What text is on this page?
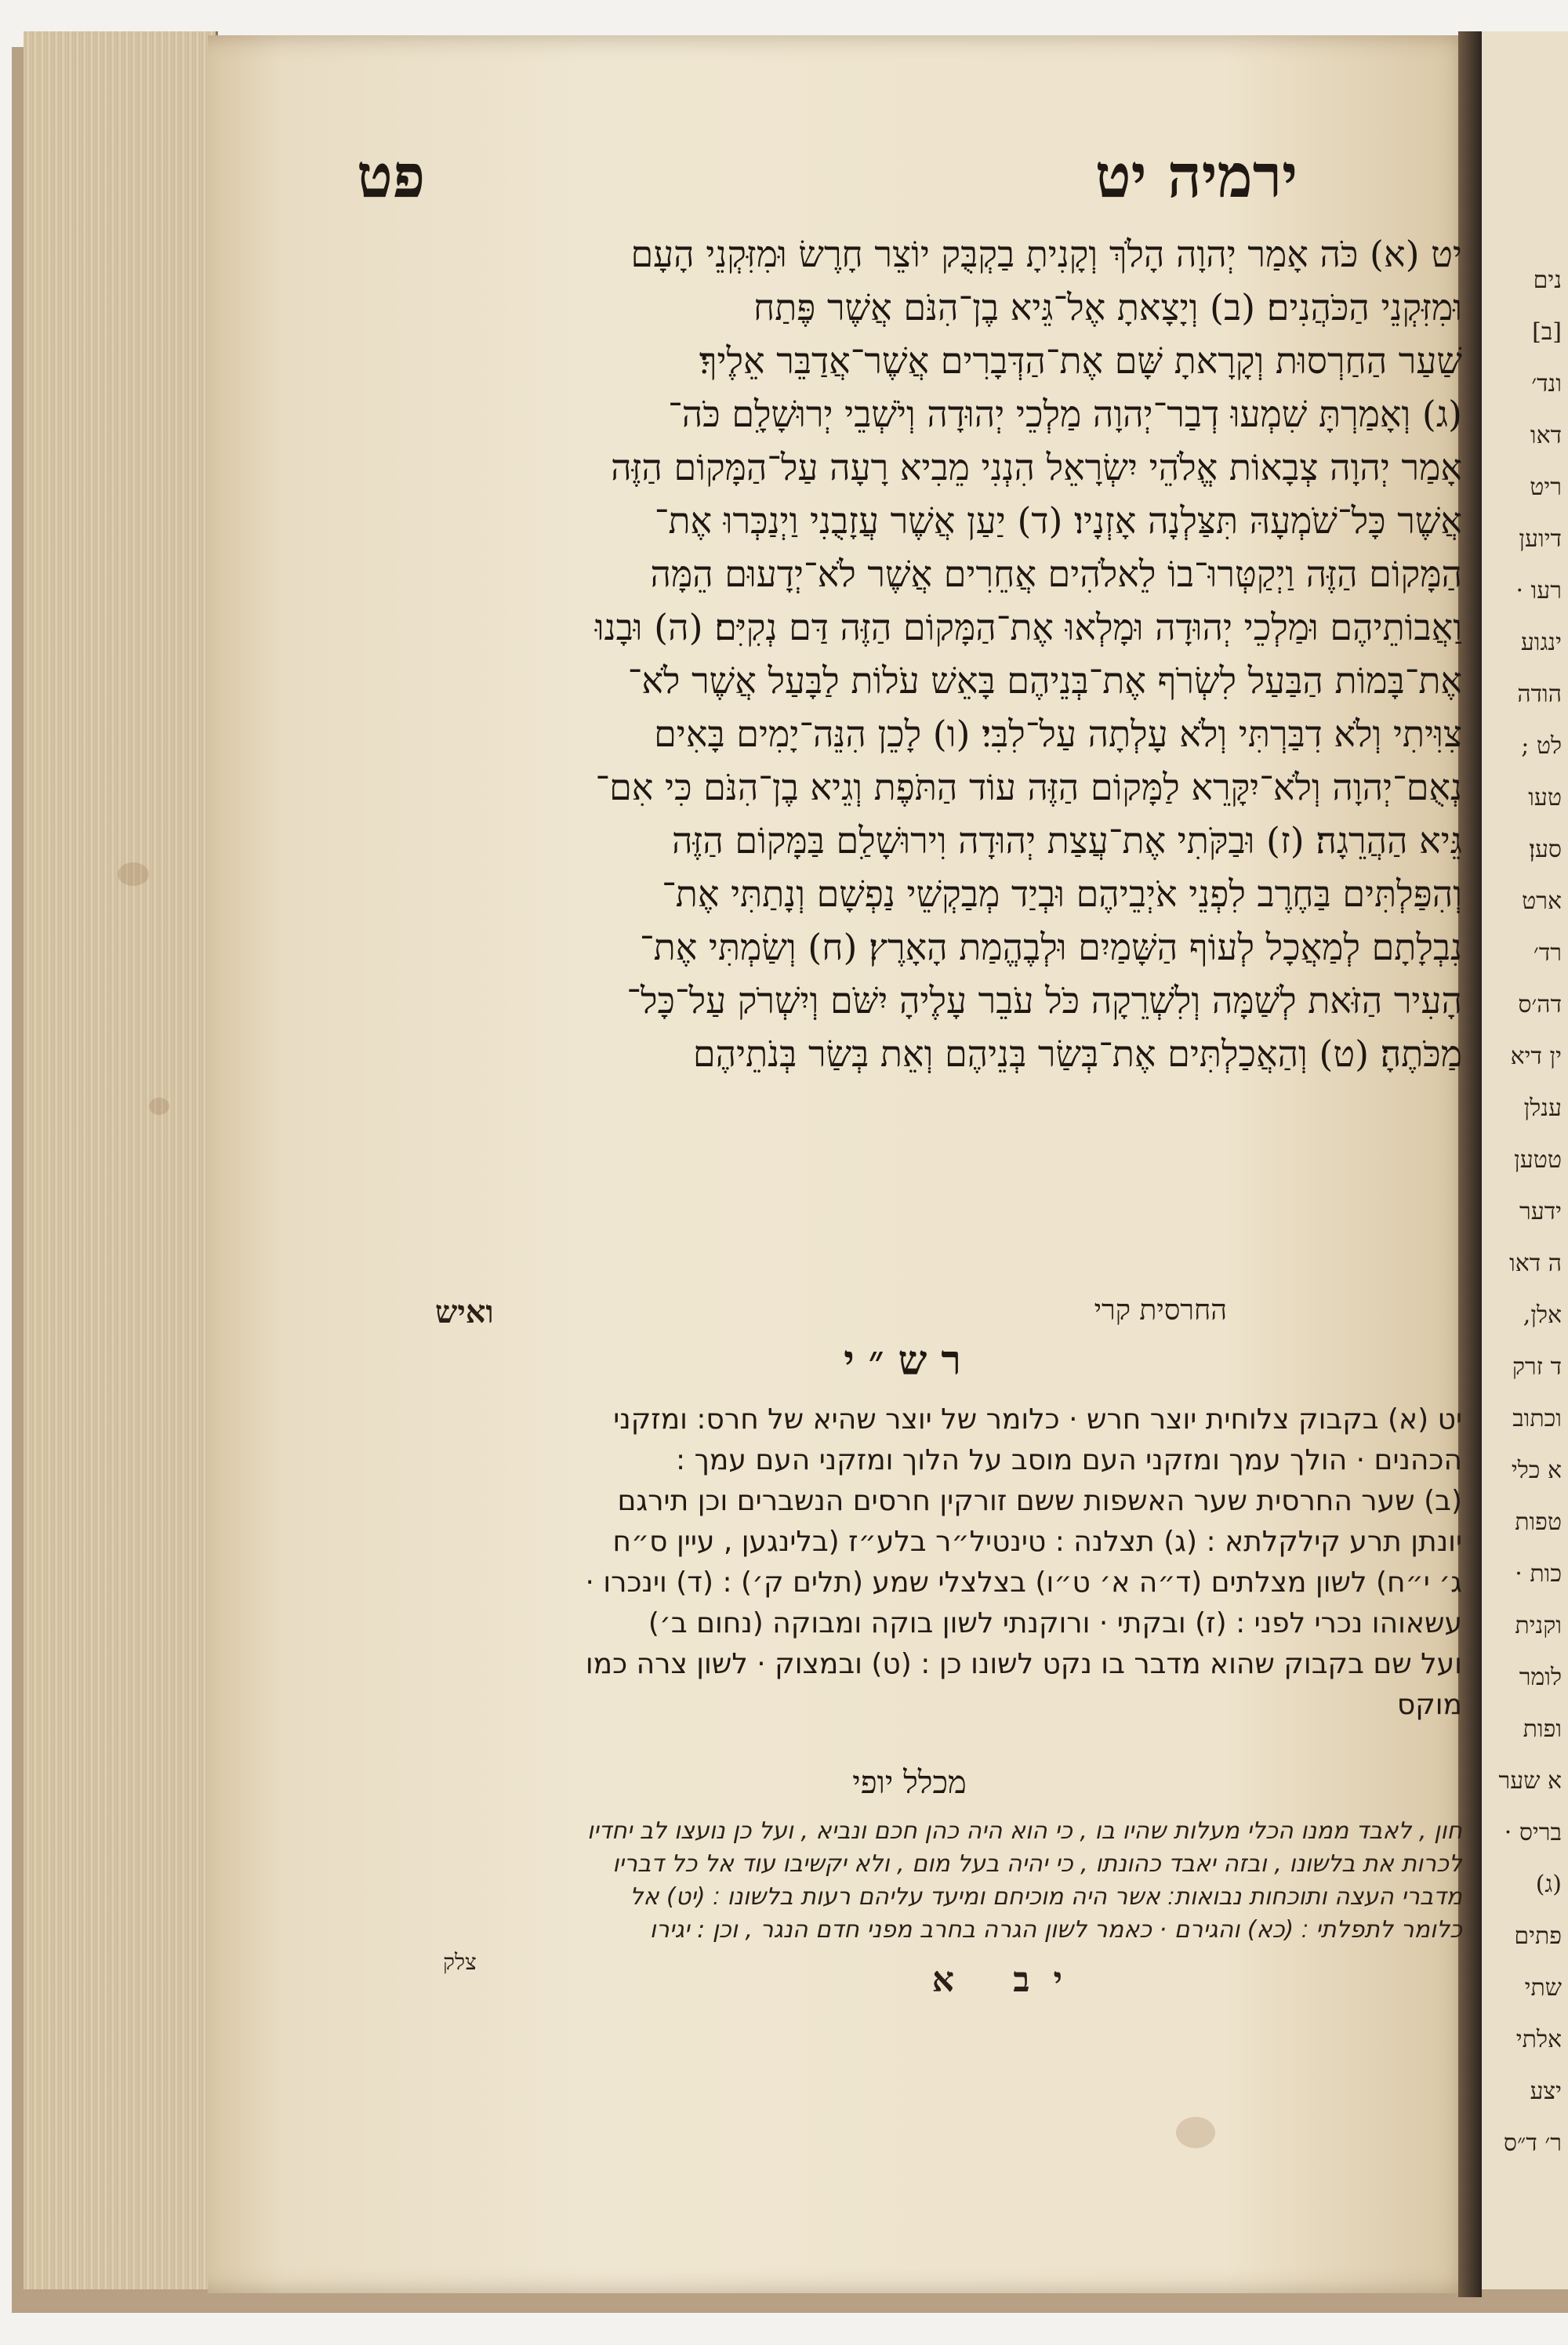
נים
[ב]
ונד׳
דאו
ריט
דיוען
רעו ·
ינגוע
הודה
לט ;
טעו
סען׃
ארט
רד׳
דה׳ס
ין דיא
ענלן
טטען
ידער
ה דאו
אלן,
ד זרק
וכתוב
א כלי
טפות
כות ·
וקנית
לומר
ופות
א שער
בריס ·
(ג)
פתים
שתי
אלתי
יצע
ר׳ ד״ס
ירמיה יט
פט
יט (א) כֹּה אָמַר יְהוָה הָלֹךְ וְקָנִיתָ בַקְבֻּק יוֹצֵר חָרֶשׂ וּמִזִּקְנֵי הָעָם
וּמִזִּקְנֵי הַכֹּהֲנִים׃ (ב) וְיָצָאתָ אֶל־גֵּיא בֶן־הִנֹּם אֲשֶׁר פֶּתַח
שַׁעַר הַחַרְסוּת וְקָרָאתָ שָּׁם אֶת־הַדְּבָרִים אֲשֶׁר־אֲדַבֵּר אֵלֶיךָ׃
(ג) וְאָמַרְתָּ שִׁמְעוּ דְבַר־יְהוָה מַלְכֵי יְהוּדָה וְיֹשְׁבֵי יְרוּשָׁלִָם כֹּה־
אָמַר יְהוָה צְבָאוֹת אֱלֹהֵי יִשְׂרָאֵל הִנְנִי מֵבִיא רָעָה עַל־הַמָּקוֹם הַזֶּה
אֲשֶׁר כָּל־שֹׁמְעָהּ תִּצַּלְנָה אָזְנָיו׃ (ד) יַעַן אֲשֶׁר עֲזָבֻנִי וַיְנַכְּרוּ אֶת־
הַמָּקוֹם הַזֶּה וַיְקַטְּרוּ־בוֹ לֵאלֹהִים אֲחֵרִים אֲשֶׁר לֹא־יְדָעוּם הֵמָּה
וַאֲבוֹתֵיהֶם וּמַלְכֵי יְהוּדָה וּמָלְאוּ אֶת־הַמָּקוֹם הַזֶּה דַּם נְקִיִּם׃ (ה) וּבָנוּ
אֶת־בָּמוֹת הַבַּעַל לִשְׂרֹף אֶת־בְּנֵיהֶם בָּאֵשׁ עֹלוֹת לַבָּעַל אֲשֶׁר לֹא־
צִוִּיתִי וְלֹא דִבַּרְתִּי וְלֹא עָלְתָה עַל־לִבִּי׃ (ו) לָכֵן הִנֵּה־יָמִים בָּאִים
נְאֻם־יְהוָה וְלֹא־יִקָּרֵא לַמָּקוֹם הַזֶּה עוֹד הַתֹּפֶת וְגֵיא בֶן־הִנֹּם כִּי אִם־
גֵּיא הַהֲרֵגָה׃ (ז) וּבַקֹּתִי אֶת־עֲצַת יְהוּדָה וִירוּשָׁלִַם בַּמָּקוֹם הַזֶּה
וְהִפַּלְתִּים בַּחֶרֶב לִפְנֵי אֹיְבֵיהֶם וּבְיַד מְבַקְשֵׁי נַפְשָׁם וְנָתַתִּי אֶת־
נִבְלָתָם לְמַאֲכָל לְעוֹף הַשָּׁמַיִם וּלְבֶהֱמַת הָאָרֶץ׃ (ח) וְשַׂמְתִּי אֶת־
הָעִיר הַזֹּאת לְשַׁמָּה וְלִשְׁרֵקָה כֹּל עֹבֵר עָלֶיהָ יִשֹּׁם וְיִשְׁרֹק עַל־כָּל־
מַכֹּתֶהָ׃ (ט) וְהַאֲכַלְתִּים אֶת־בְּשַׂר בְּנֵיהֶם וְאֵת בְּשַׂר בְּנֹתֵיהֶם
החרסית קרי
ואיש
רש״י
יט (א) בקבוק צלוחית יוצר חרש · כלומר של יוצר שהיא של חרס: ומזקני
הכהנים · הולך עמך ומזקני העם מוסב על הלוך ומזקני העם עמך :
(ב) שער החרסית שער האשפות ששם זורקין חרסים הנשברים וכן תירגם
יונתן תרע קילקלתא : (ג) תצלנה : טינטיל״ר בלע״ז (בלינגען , עיין ס״ח
ג׳ י״ח) לשון מצלתים (ד״ה א׳ ט״ו) בצלצלי שמע (תלים ק׳) : (ד) וינכרו ·
עשאוהו נכרי לפני : (ז) ובקתי · ורוקנתי לשון בוקה ומבוקה (נחום ב׳)
ועל שם בקבוק שהוא מדבר בו נקט לשונו כן : (ט) ובמצוק · לשון צרה כמו
מוקס
מכלל יופי
חון , לאבד ממנו הכלי מעלות שהיו בו , כי הוא היה כהן חכם ונביא , ועל כן נועצו לב יחדיו
לכרות את בלשונו , ובזה יאבד כהונתו , כי יהיה בעל מום , ולא יקשיבו עוד אל כל דבריו
מדברי העצה ותוכחות נבואות׃ אשר היה מוכיחם ומיעד עליהם רעות בלשונו ׃ (יט) אל
כלומר לתפלתי ׃ (כא) והגירם · כאמר לשון הגרה בחרב מפני חדם הנגר , וכן : יגירו
יב א
צלק
